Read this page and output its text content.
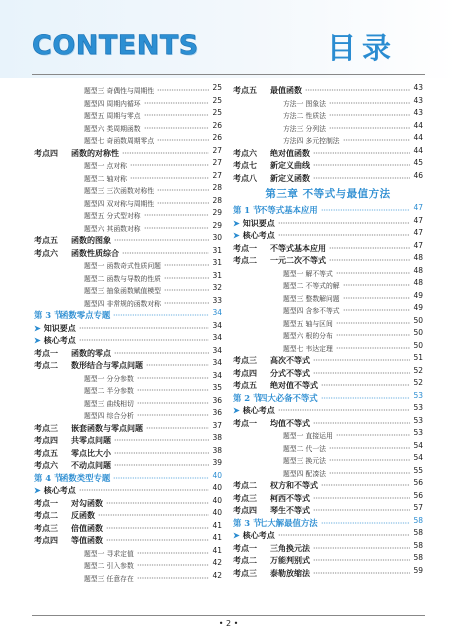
CONTENTS	目录
题型三 奇偶性与周期性	25
题型四 周期内循环	25
题型五 周期与零点	25
题型六 类周期函数	26
题型七 奇函数周期零点	26
考点四 函数的对称性	27
题型一 点对称	27
题型二 轴对称	27
题型三 三次函数对称性	28
题型四 双对称与周期性	28
题型五 分式型对称	29
题型六 其函数对称	29
考点五 函数的图象	30
考点六 函数性质综合	31
题型一 函数奇式性质问题	31
题型二 函数与导数的性质	31
题型三 抽象函数赋值模型	32
题型四 非常规的函数对称	33
第 3 节函数零点专题	34
➤ 知识要点	34
➤ 核心考点	34
考点一 函数的零点	34
考点二 数形结合与零点问题	34
题型一 分分参数	34
题型二 半分参数	35
题型三 曲线相切	36
题型四 综合分析	36
考点三 嵌套函数与零点问题	37
考点四 共零点问题	38
考点五 零点比大小	38
考点六 不动点问题	39
第 4 节函数类型专题	40
➤ 核心考点	40
考点一 对勾函数	40
考点二 反函数	40
考点三 倍值函数	41
考点四 等值函数	41
题型一 寻求定值	41
题型二 引入参数	42
题型三 任意存在	42
考点五 最值函数	43
方法一 图象法	43
方法二 性质法	43
方法三 分列法	44
方法四 多元控制法	44
考点六 绝对值函数	44
考点七 新定义曲线	45
考点八 新定义函数	46
第三章 不等式与最值方法
第 1 节不等式基本应用	47
➤ 知识要点	47
➤ 核心考点	47
考点一 不等式基本应用	47
考点二 一元二次不等式	48
题型一 解不等式	48
题型二 不等式的解	48
题型三 整数解问题	49
题型四 含参不等式	49
题型五 轴与区间	50
题型六 根的分布	50
题型七 韦达定理	50
考点三 高次不等式	51
考点四 分式不等式	52
考点五 绝对值不等式	52
第 2 节四大必备不等式	53
➤ 核心考点	53
考点一 均值不等式	53
题型一 直接运用	53
题型二 代一法	54
题型三 换元法	54
题型四 配凑法	55
考点二 权方和不等式	56
考点三 柯西不等式	56
考点四 琴生不等式	57
第 3 节七大解最值方法	58
➤ 核心考点	58
考点一 三角换元法	58
考点二 万能判别式	58
考点三 泰勒放缩法	59
• 2 •
